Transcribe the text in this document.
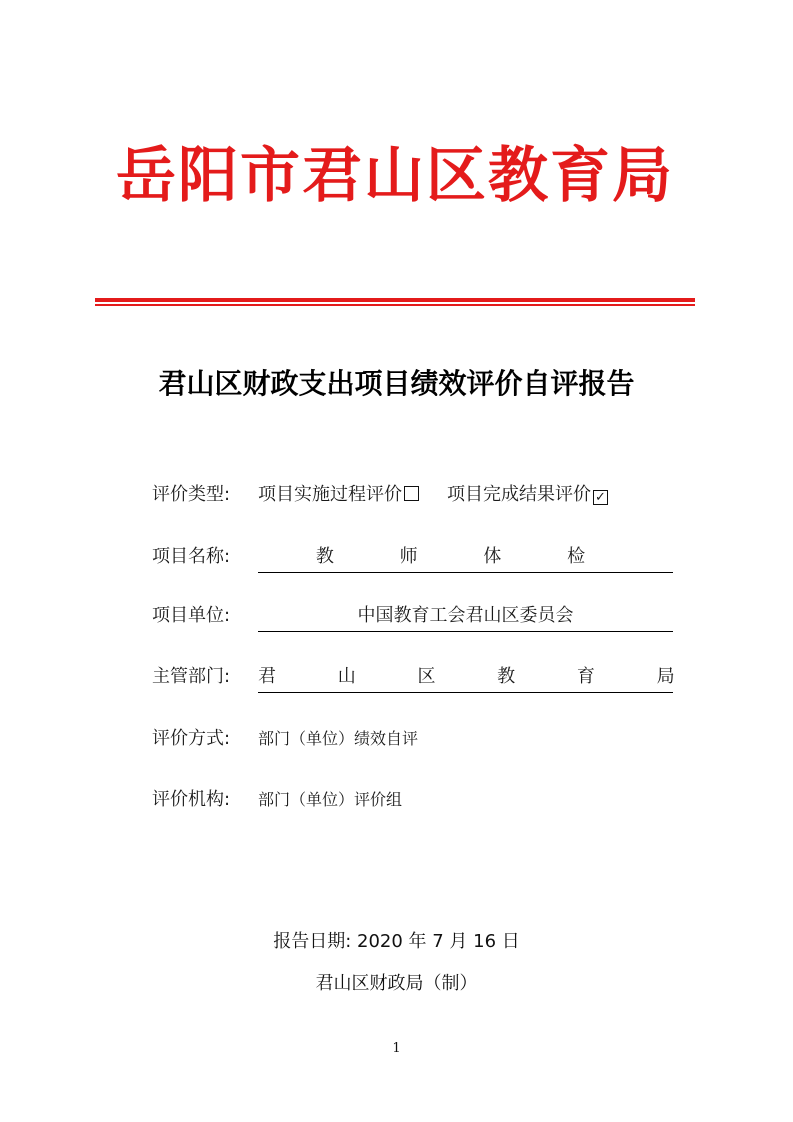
岳阳市君山区教育局
君山区财政支出项目绩效评价自评报告
评价类型: 项目实施过程评价	项目完成结果评价 ✓
项目名称:	教 师 体 检
项目单位:	中国教育工会君山区委员会
主管部门: 君 山 区 教 育 局
评价方式: 部门（单位）绩效自评
评价机构: 部门（单位）评价组
报告日期: 2020 年 7 月 16 日
君山区财政局（制）
1
